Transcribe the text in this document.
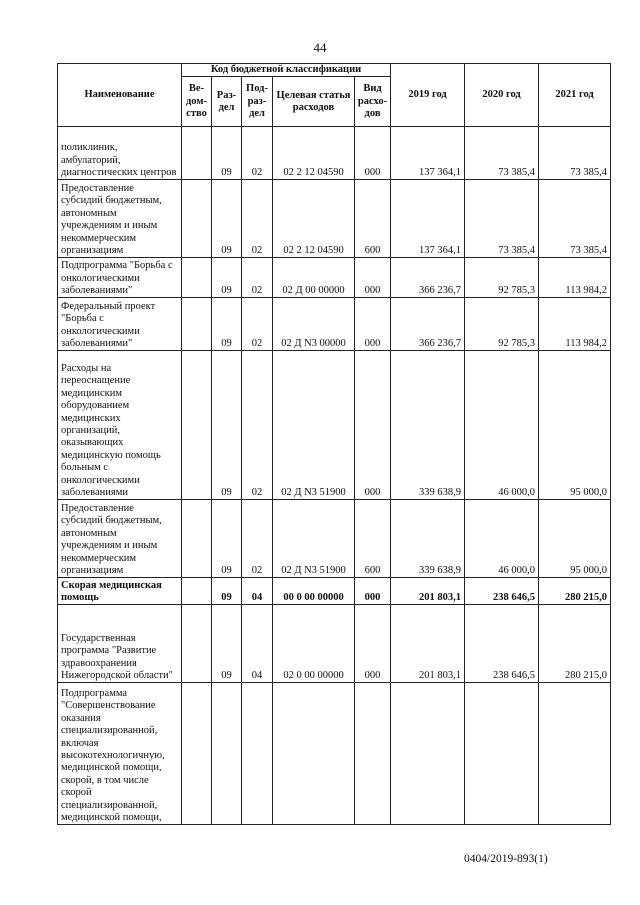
44
Наименование	Код бюджетной классификации					2019 год	2020 год	2021 год
	Ве-дом-ство	Раз-дел	Под-раз-дел	Целевая статья расходов	Вид расхо-дов			
поликлиник, амбулаторий, диагностических центров		09	02	02 2 12 04590	000	137 364,1	73 385,4	73 385,4
Предоставление субсидий бюджетным, автономным учреждениям и иным некоммерческим организациям		09	02	02 2 12 04590	600	137 364,1	73 385,4	73 385,4
Подпрограмма "Борьба с онкологическими заболеваниями"		09	02	02 Д 00 00000	000	366 236,7	92 785,3	113 984,2
Федеральный проект "Борьба с онкологическими заболеваниями"		09	02	02 Д N3 00000	000	366 236,7	92 785,3	113 984,2
Расходы на переоснащение медицинским оборудованием медицинских организаций, оказывающих медицинскую помощь больным с онкологическими заболеваниями		09	02	02 Д N3 51900	000	339 638,9	46 000,0	95 000,0
Предоставление субсидий бюджетным, автономным учреждениям и иным некоммерческим организациям		09	02	02 Д N3 51900	600	339 638,9	46 000,0	95 000,0
Скорая медицинская помощь		09	04	00 0 00 00000	000	201 803,1	238 646,5	280 215,0
Государственная программа "Развитие здравоохранения Нижегородской области"		09	04	02 0 00 00000	000	201 803,1	238 646,5	280 215,0
Подпрограмма "Совершенствование оказания специализированной, включая высокотехнологичную, медицинской помощи, скорой, в том числе скорой специализированной, медицинской помощи,								
0404/2019-893(1)
